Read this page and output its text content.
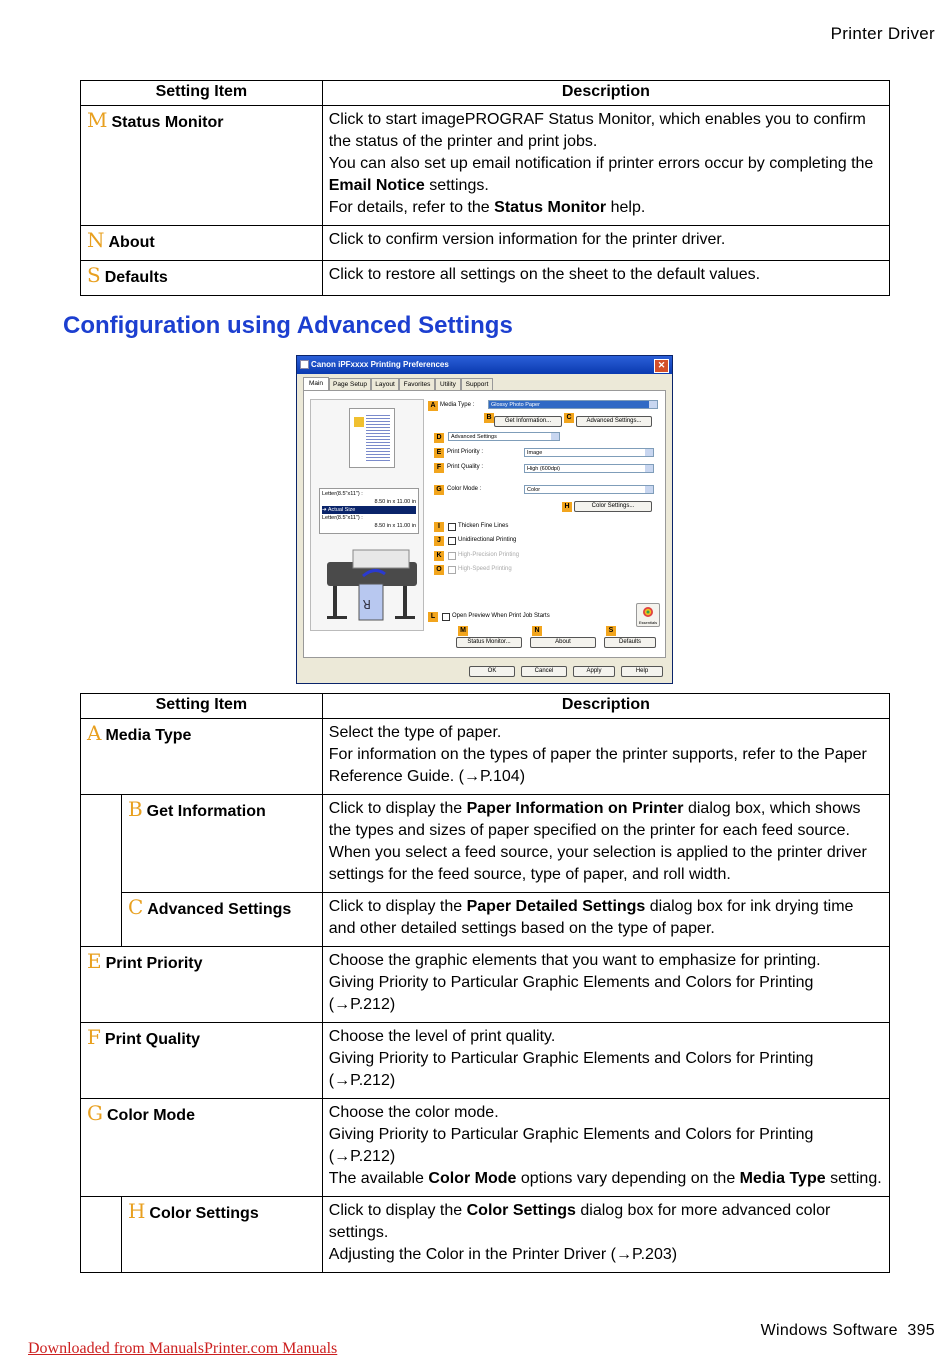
Printer Driver
Setting Item	Description
M Status Monitor	Click to start imagePROGRAF Status Monitor, which enables you to confirm the status of the printer and print jobs.

You can also set up email notification if printer errors occur by completing the Email Notice settings.

For details, refer to the Status Monitor help.

N About	Click to confirm version information for the printer driver.
S Defaults	Click to restore all settings on the sheet to the default values.
Configuration using Advanced Settings
Canon iPFxxxx Printing Preferences	✕
Main	Page Setup	Layout	Favorites	Utility	Support
Letter(8.5"x11") :
8.50 in x 11.00 in
➜ Actual Size
Letter(8.5"x11") :
8.50 in x 11.00 in
R
A Media Type :	Glossy Photo Paper
B	C
Get Information...	Advanced Settings...
D	Advanced Settings
E Print Priority :	Image
F Print Quality :	High (600dpi)
G Color Mode :	Color
H	Color Settings...
I	Thicken Fine Lines
J	Unidirectional Printing
K	High-Precision Printing
O	High-Speed Printing
L	Open Preview When Print Job Starts
Essentials
M	N	S
Status Monitor...	About	Defaults
OK	Cancel	Apply	Help
Setting Item		Description
A Media Type		Select the type of paper.

For information on the types of paper the printer supports, refer to the Paper Reference Guide. (→P.104)

	B Get Information	Click to display the Paper Information on Printer dialog box, which shows the types and sizes of paper specified on the printer for each feed source.

When you select a feed source, your selection is applied to the printer driver settings for the feed source, type of paper, and roll width.

	C Advanced Settings	Click to display the Paper Detailed Settings dialog box for ink drying time and other detailed settings based on the type of paper.

E Print Priority		Choose the graphic elements that you want to emphasize for printing.

Giving Priority to Particular Graphic Elements and Colors for Printing (→P.212)

F Print Quality		Choose the level of print quality.

Giving Priority to Particular Graphic Elements and Colors for Printing (→P.212)

G Color Mode		Choose the color mode.

Giving Priority to Particular Graphic Elements and Colors for Printing (→P.212)

The available Color Mode options vary depending on the Media Type setting.

	H Color Settings	Click to display the Color Settings dialog box for more advanced color settings.

Adjusting the Color in the Printer Driver (→P.203)

Windows Software 395
Downloaded from ManualsPrinter.com Manuals
